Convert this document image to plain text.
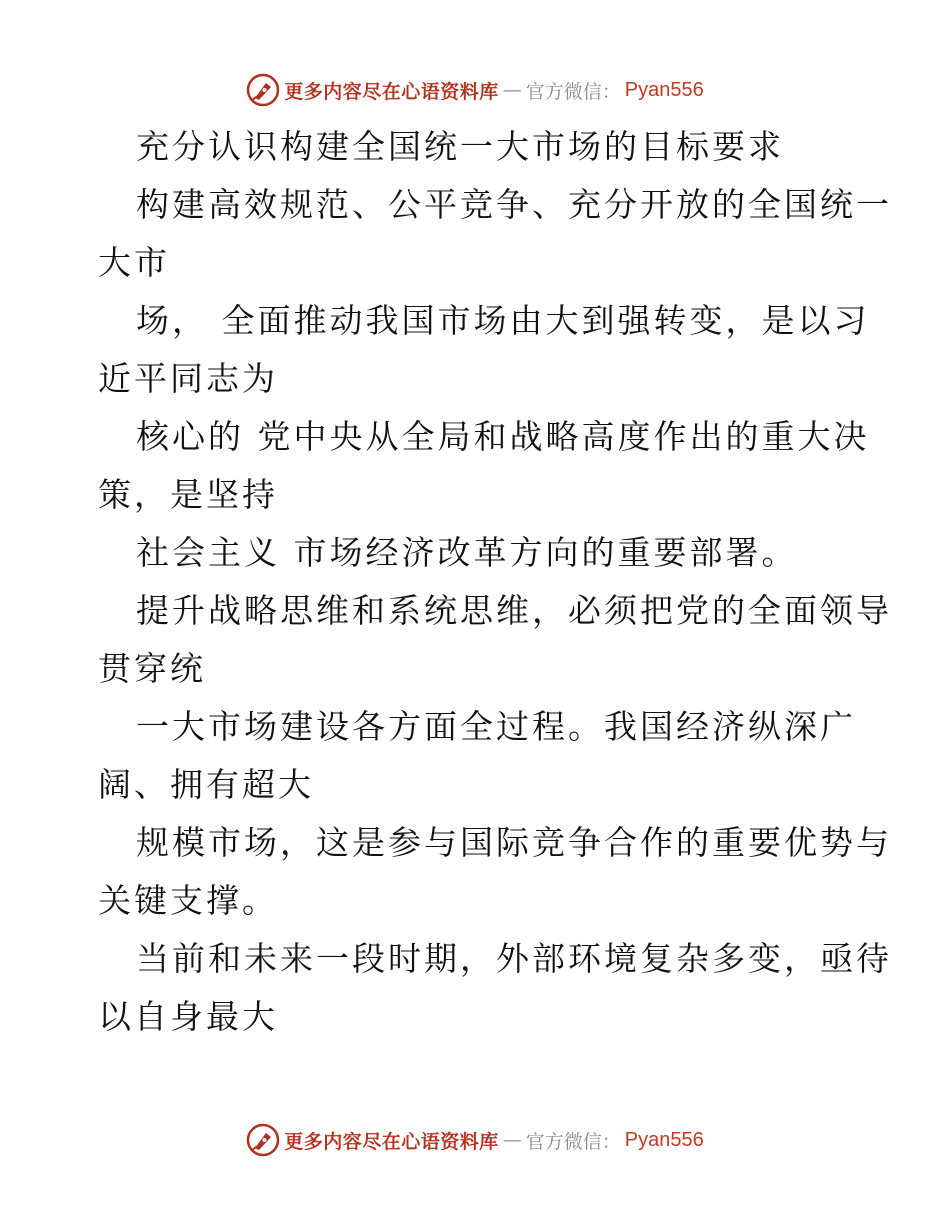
更多内容尽在心语资料库 — 官方微信： Pyan556

充分认识构建全国统一大市场的目标要求

构建高效规范、公平竞争、充分开放的全国统一

大市

场， 全面推动我国市场由大到强转变，是以习

近平同志为

核心的 党中央从全局和战略高度作出的重大决

策，是坚持

社会主义 市场经济改革方向的重要部署。

提升战略思维和系统思维，必须把党的全面领导

贯穿统

一大市场建设各方面全过程。我国经济纵深广

阔、拥有超大

规模市场，这是参与国际竞争合作的重要优势与

关键支撑。

当前和未来一段时期，外部环境复杂多变，亟待

以自身最大

更多内容尽在心语资料库 — 官方微信： Pyan556
